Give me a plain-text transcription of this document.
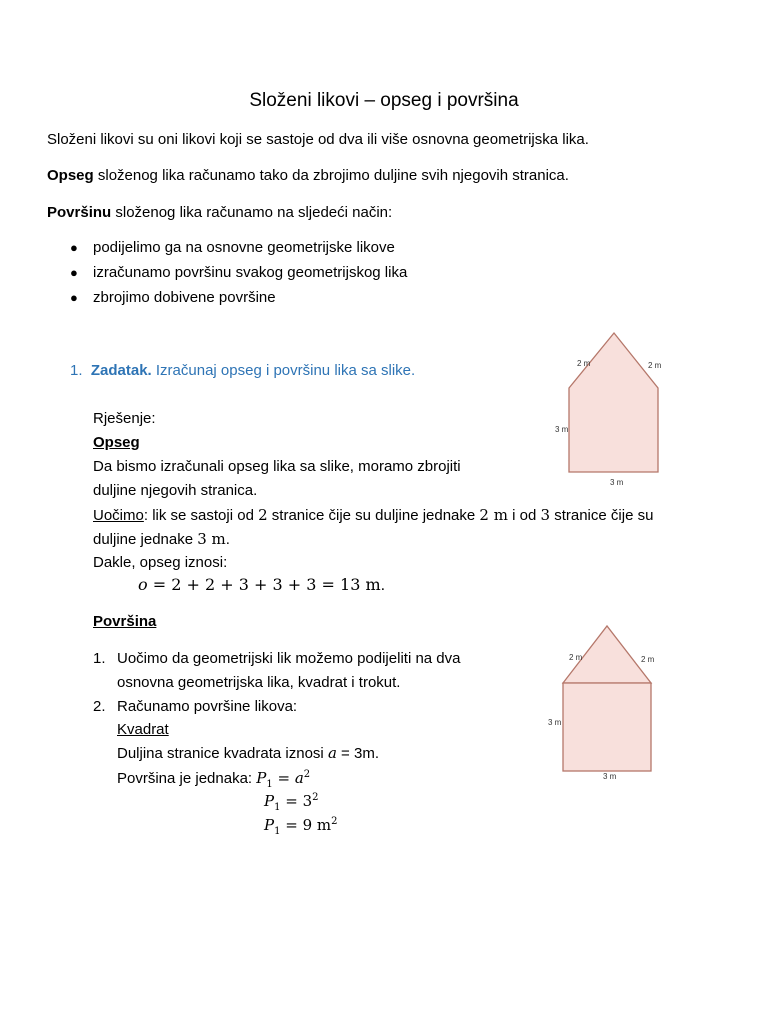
Složeni likovi – opseg i površina
Složeni likovi su oni likovi koji se sastoje od dva ili više osnovna geometrijska lika.
Opseg složenog lika računamo tako da zbrojimo duljine svih njegovih stranica.
Površinu složenog lika računamo na sljedeći način:
● podijelimo ga na osnovne geometrijske likove
● izračunamo površinu svakog geometrijskog lika
● zbrojimo dobivene površine
1. Zadatak. Izračunaj opseg i površinu lika sa slike.
Rješenje:
Opseg
Da bismo izračunali opseg lika sa slike, moramo zbrojiti
duljine njegovih stranica.
Uočimo: lik se sastoji od 2 stranice čije su duljine jednake 2 m i od 3 stranice čije su
duljine jednake 3 m.
Dakle, opseg iznosi:
o = 2 + 2 + 3 + 3 + 3 = 13 m.
Površina
1. Uočimo da geometrijski lik možemo podijeliti na dva
osnovna geometrijska lika, kvadrat i trokut.
2. Računamo površine likova:
Kvadrat
Duljina stranice kvadrata iznosi a = 3m.
Površina je jednaka: $P_1 = a^2$
$P_1 = 3^2$
$P_1 = 9$ $m^2$
2 m	2 m
3 m
3 m
2 m	2 m
3 m
3 m
